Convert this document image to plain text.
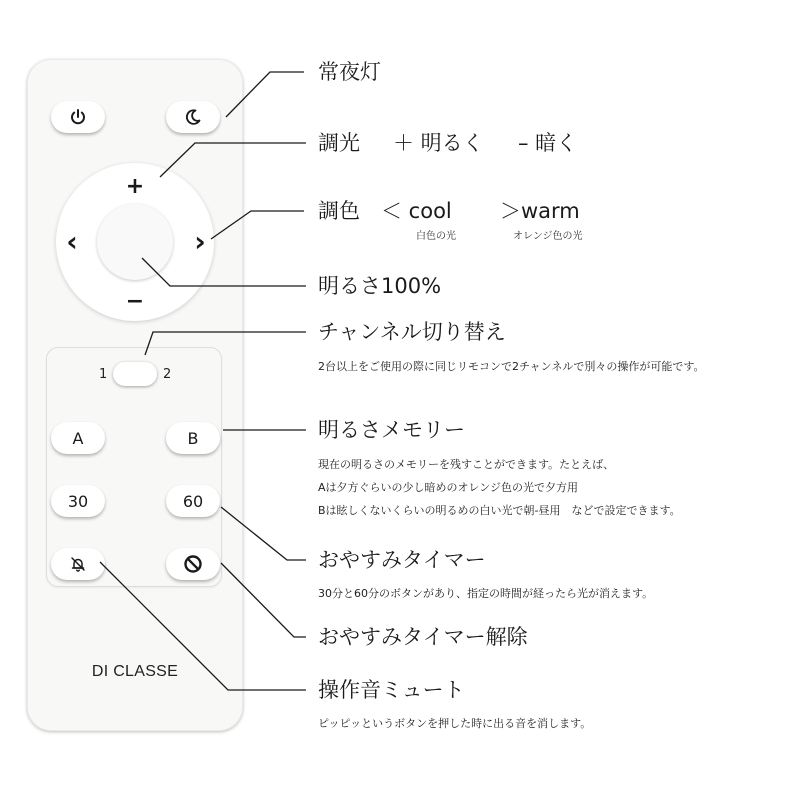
+
−
‹	›
1	2
A	B
30	60
DI CLASSE
常夜灯
調光 ＋ 明るく – 暗く
調色 ＜ cool
白色の光
＞warm
オレンジ色の光
明るさ100%
チャンネル切り替え
2台以上をご使用の際に同じリモコンで2チャンネルで別々の操作が可能です。
明るさメモリー
現在の明るさのメモリーを残すことができます。たとえば、
Aは夕方ぐらいの少し暗めのオレンジ色の光で夕方用
Bは眩しくないくらいの明るめの白い光で朝-昼用　などで設定できます。
おやすみタイマー
30分と60分のボタンがあり、指定の時間が経ったら光が消えます。
おやすみタイマー解除
操作音ミュート
ピッピッというボタンを押した時に出る音を消します。
